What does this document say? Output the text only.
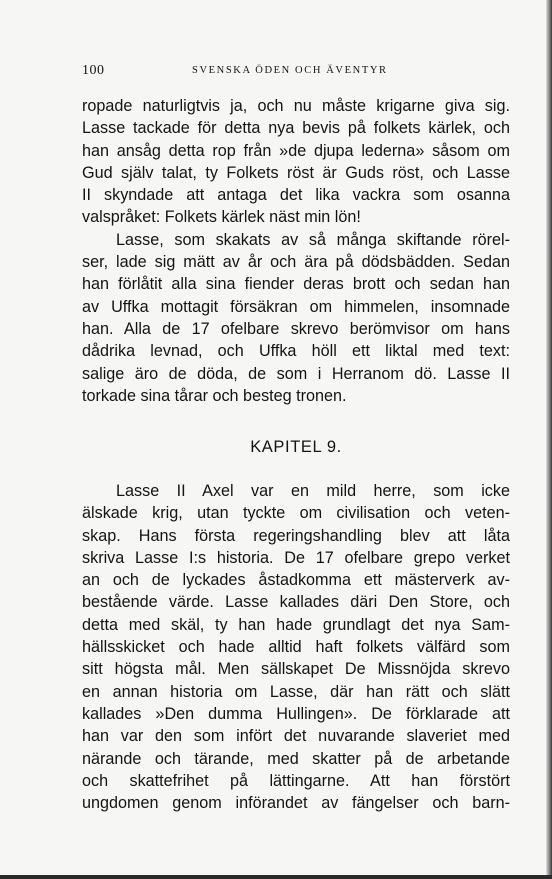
100	SVENSKA ÖDEN OCH ÄVENTYR
ropade naturligtvis ja, och nu måste krigarne giva sig.
Lasse tackade för detta nya bevis på folkets kärlek, och
han ansåg detta rop från »de djupa lederna» såsom om
Gud själv talat, ty Folkets röst är Guds röst, och Lasse
II skyndade att antaga det lika vackra som osanna
valspråket: Folkets kärlek näst min lön!
Lasse, som skakats av så många skiftande rörel-
ser, lade sig mätt av år och ära på dödsbädden. Sedan
han förlåtit alla sina fiender deras brott och sedan han
av Uffka mottagit försäkran om himmelen, insomnade
han. Alla de 17 ofelbare skrevo berömvisor om hans
dådrika levnad, och Uffka höll ett liktal med text:
salige äro de döda, de som i Herranom dö. Lasse II
torkade sina tårar och besteg tronen.
KAPITEL 9.
Lasse II Axel var en mild herre, som icke
älskade krig, utan tyckte om civilisation och veten-
skap. Hans första regeringshandling blev att låta
skriva Lasse I:s historia. De 17 ofelbare grepo verket
an och de lyckades åstadkomma ett mästerverk av-
bestående värde. Lasse kallades däri Den Store, och
detta med skäl, ty han hade grundlagt det nya Sam-
hällsskicket och hade alltid haft folkets välfärd som
sitt högsta mål. Men sällskapet De Missnöjda skrevo
en annan historia om Lasse, där han rätt och slätt
kallades »Den dumma Hullingen». De förklarade att
han var den som infört det nuvarande slaveriet med
närande och tärande, med skatter på de arbetande
och skattefrihet på lättingarne. Att han förstört
ungdomen genom införandet av fängelser och barn-
